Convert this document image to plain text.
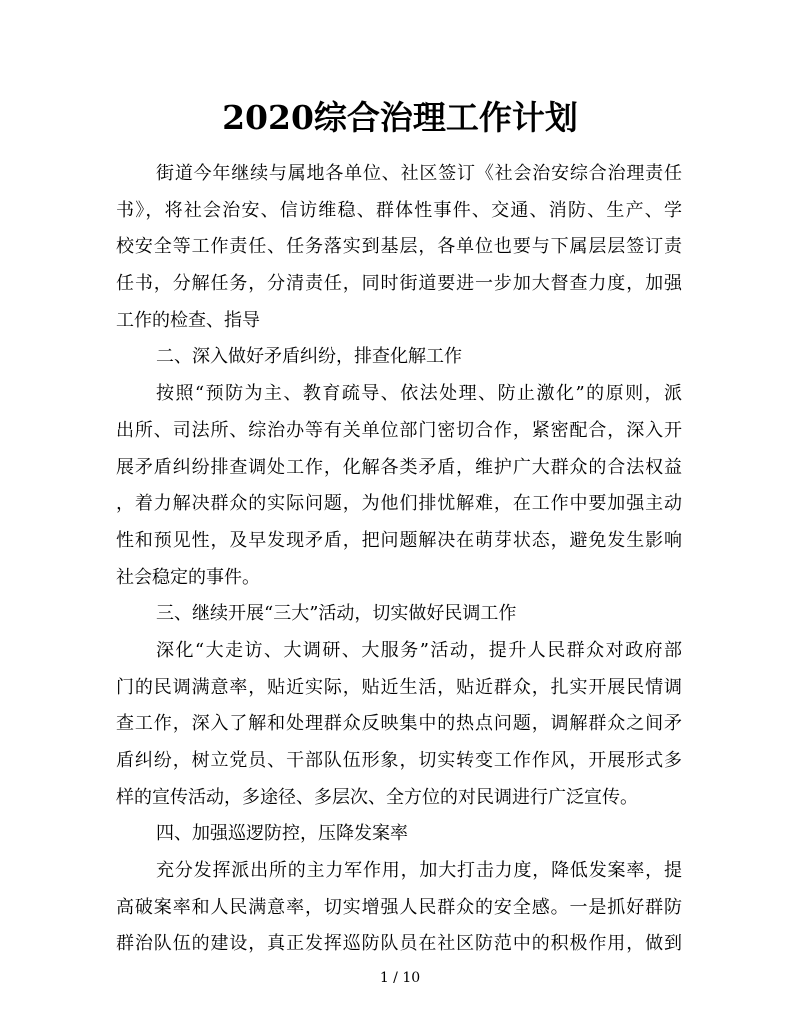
2020综合治理工作计划
街道今年继续与属地各单位、社区签订《社会治安综合治理责任
书》，将社会治安、信访维稳、群体性事件、交通、消防、生产、学
校安全等工作责任、任务落实到基层，各单位也要与下属层层签订责
任书，分解任务，分清责任，同时街道要进一步加大督查力度，加强
工作的检查、指导
二、深入做好矛盾纠纷，排查化解工作
按照“预防为主、教育疏导、依法处理、防止激化”的原则，派
出所、司法所、综治办等有关单位部门密切合作，紧密配合，深入开
展矛盾纠纷排查调处工作，化解各类矛盾，维护广大群众的合法权益
，着力解决群众的实际问题，为他们排忧解难，在工作中要加强主动
性和预见性，及早发现矛盾，把问题解决在萌芽状态，避免发生影响
社会稳定的事件。
三、继续开展“三大”活动，切实做好民调工作
深化“大走访、大调研、大服务”活动，提升人民群众对政府部
门的民调满意率，贴近实际，贴近生活，贴近群众，扎实开展民情调
查工作，深入了解和处理群众反映集中的热点问题，调解群众之间矛
盾纠纷，树立党员、干部队伍形象，切实转变工作作风，开展形式多
样的宣传活动，多途径、多层次、全方位的对民调进行广泛宣传。
四、加强巡逻防控，压降发案率
充分发挥派出所的主力军作用，加大打击力度，降低发案率，提
高破案率和人民满意率，切实增强人民群众的安全感。一是抓好群防
群治队伍的建设，真正发挥巡防队员在社区防范中的积极作用，做到
1 / 10
